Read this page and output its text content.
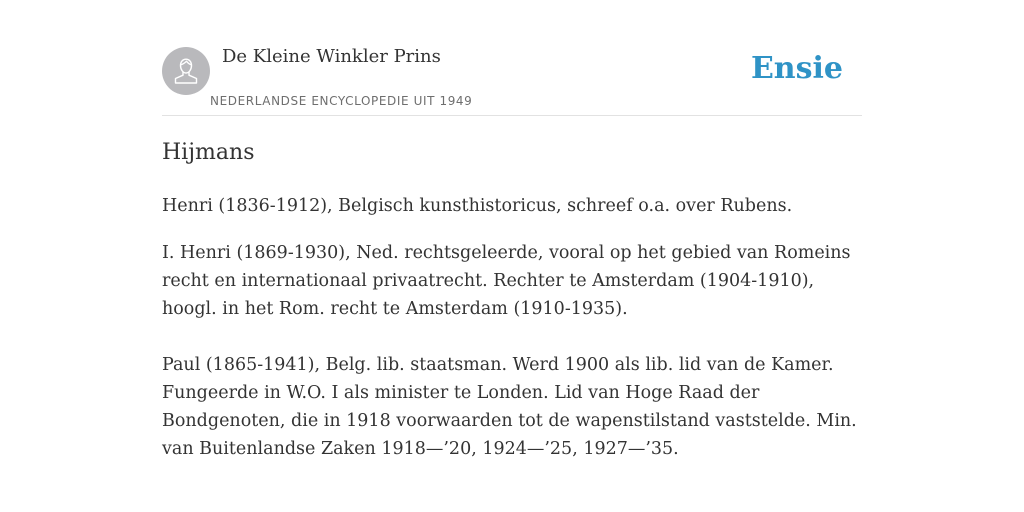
De Kleine Winkler Prins
NEDERLANDSE ENCYCLOPEDIE UIT 1949
Ensie
Hijmans

Henri (1836-1912), Belgisch kunsthistoricus, schreef o.a. over Rubens.

I. Henri (1869-1930), Ned. rechtsgeleerde, vooral op het gebied van Romeins recht en internationaal privaatrecht. Rechter te Amsterdam (1904-1910), hoogl. in het Rom. recht te Amsterdam (1910-1935).

Paul (1865-1941), Belg. lib. staatsman. Werd 1900 als lib. lid van de Kamer. Fungeerde in W.O. I als minister te Londen. Lid van Hoge Raad der Bondgenoten, die in 1918 voorwaarden tot de wapenstilstand vaststelde. Min. van Buitenlandse Zaken 1918—’20, 1924—’25, 1927—’35.
